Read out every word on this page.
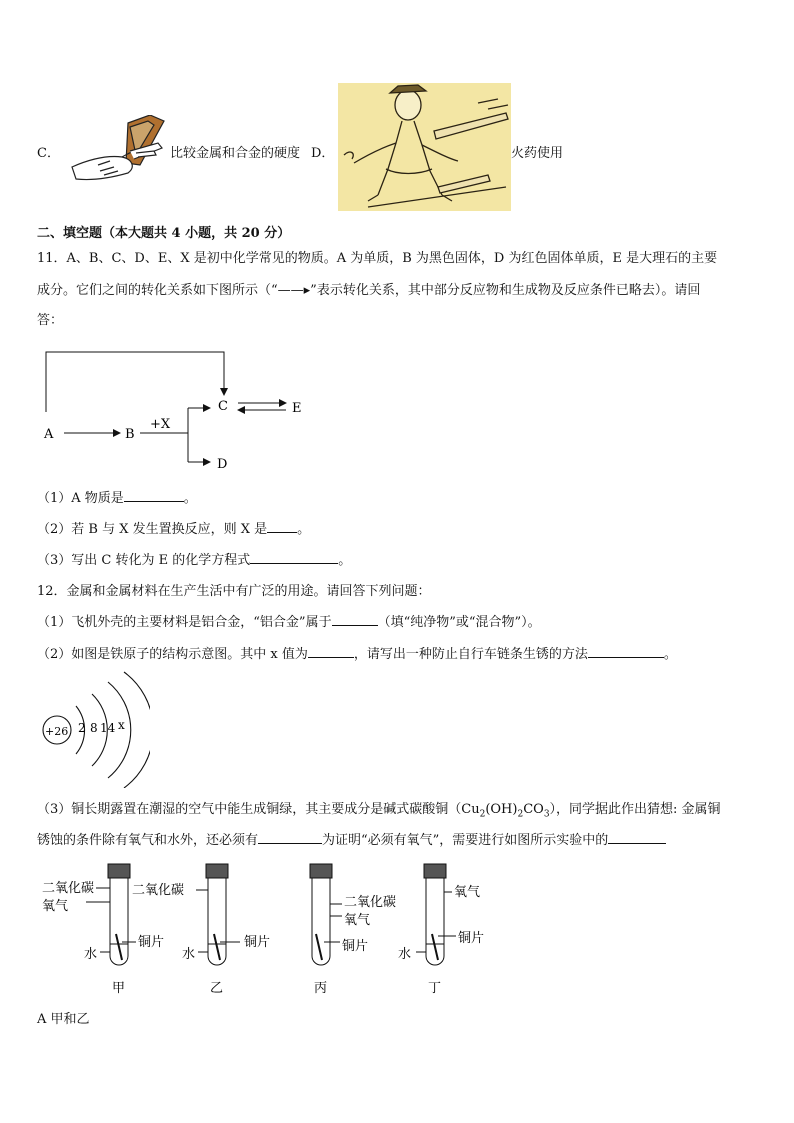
C．	比较金属和合金的硬度 D．	火药使用
二、填空题（本大题共 4 小题，共 20 分）
11．A、B、C、D、E、X 是初中化学常见的物质。A 为单质，B 为黑色固体，D 为红色固体单质，E 是大理石的主要
成分。它们之间的转化关系如下图所示（“——▸”表示转化关系，其中部分反应物和生成物及反应条件已略去）。请回
答：
A	B
+X
C	E
D
（1）A 物质是	。
（2）若 B 与 X 发生置换反应，则 X 是 。
（3）写出 C 转化为 E 的化学方程式	。
12．金属和金属材料在生产生活中有广泛的用途。请回答下列问题：
（1）飞机外壳的主要材料是铝合金，“铝合金”属于	（填“纯净物”或“混合物”）。
（2）如图是铁原子的结构示意图。其中 x 值为	，请写出一种防止自行车链条生锈的方法	。
+26 2 8 14 x
（3）铜长期露置在潮湿的空气中能生成铜绿，其主要成分是碱式碳酸铜$(Cu_2(OH)_2CO_3)$，同学据此作出猜想: 金属铜
锈蚀的条件除有氧气和水外，还必须有	为证明“必须有氧气”，需要进行如图所示实验中的
二氧化碳
氧气
水
铜片
甲
二氧化碳
水
铜片
乙
二氧化碳
氧气
铜片
丙
氧气
水
铜片
丁
A 甲和乙
